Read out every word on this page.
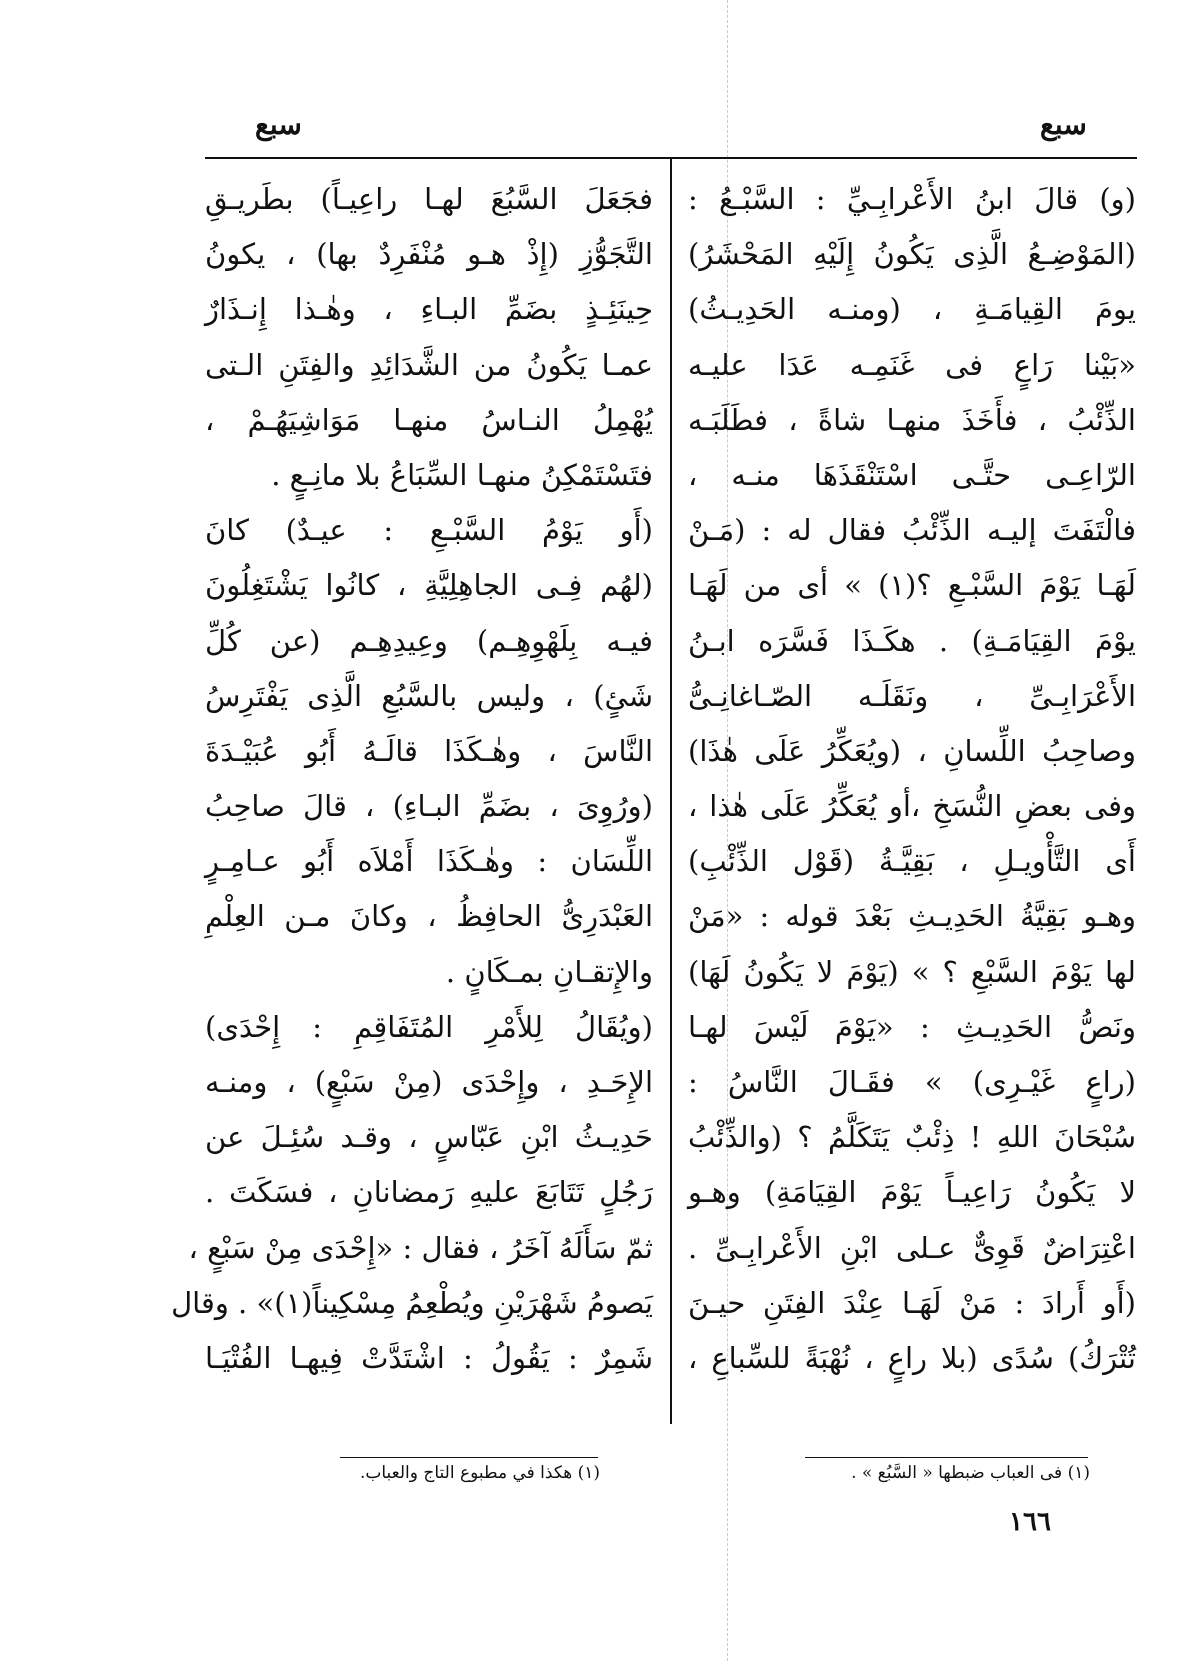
سبع
سبع
(و) قالَ ابنُ الأَعْرابِـيِّ : السَّبْـعُ :
(المَوْضِـعُ الَّذِى يَكُونُ إِلَيْهِ المَحْشَرُ)
يومَ القِيامَـةِ ، (ومنـه الحَدِيـثُ)
«بَيْنا رَاعٍ فى غَنَمِـه عَدَا عليـه
الذِّئْبُ ، فأَخَذَ منهـا شاةً ، فطَلَبَـه
الرّاعِـى حتَّـى اسْتَنْقَذَهَا منـه ،
فالْتَفَتَ إليـه الذِّئْبُ فقال له : (مَـنْ
لَهَـا يَوْمَ السَّبْـعِ ؟(١) » أى من لَهَـا
يوْمَ القِيَامَـةِ) . هكَـذَا فَسَّرَه ابـنُ
الأَعْرَابِـىِّ ، ونَقَلَـه الصّـاغانِـىُّ
وصاحِبُ اللِّسانِ ، (ويُعَكِّرُ عَلَى هٰذَا)
وفى بعضِ النُّسَخِ ،أو يُعَكِّرُ عَلَى هٰذا ،
أَى التَّأْويـلِ ، بَقِيَّـةُ (قَوْل الذِّئْبِ)
وهـو بَقِيَّةُ الحَدِيـثِ بَعْدَ قوله : «مَنْ
لها يَوْمَ السَّبْعِ ؟ » (يَوْمَ لا يَكُونُ لَهَا)
ونَصُّ الحَدِيـثِ : «يَوْمَ لَيْسَ لهـا
(راعٍ غَيْـرِى) » فقَـالَ النَّاسُ :
سُبْحَانَ اللهِ ! ذِئْبٌ يَتَكَلَّمُ ؟ (والذِّئْبُ
لا يَكُونُ رَاعِيـاً يَوْمَ القِيَامَةِ) وهـو
اعْتِرَاضٌ قَوِىٌّ عـلى ابْنِ الأَعْرابِـىِّ .
(أَو أَرادَ : مَنْ لَهَـا عِنْدَ الفِتَنِ حيـنَ
تُتْرَكُ) سُدًى (بلا راعٍ ، نُهْبَةً للسِّباعِ ،
فجَعَلَ السَّبُعَ لهـا راعِيـاً) بطَريـقِ
التَّجَوُّزِ (إِذْ هـو مُنْفَرِدٌ بها) ، يكونُ
حِينَئِـذٍ بضَمِّ البـاءِ ، وهٰـذا إِنـذَارٌ
عمـا يَكُونُ من الشَّدَائِدِ والفِتَنِ الـتى
يُهْمِلُ النـاسُ منهـا مَوَاشِيَهُـمْ ،
فتَسْتَمْكِنُ منهـا السِّبَاعُ بلا مانِـعٍ .
(أَو يَوْمُ السَّبْـعِ : عيـدٌ) كانَ
(لهُم فِـى الجاهِلِيَّةِ ، كانُوا يَشْتَغِلُونَ
فيـه بِلَهْوِهِـم) وعِيدِهِـم (عن كُلِّ
شَئٍ) ، وليس بالسَّبُعِ الَّذِى يَفْتَرِسُ
النَّاسَ ، وهٰـكَذَا قالَـهُ أَبُو عُبَيْـدَةَ
(ورُوِىَ ، بضَمِّ البـاءِ) ، قالَ صاحِبُ
اللِّسَان : وهٰـكَذَا أَمْلاَه أَبُو عـامِـرٍ
العَبْدَرِىُّ الحافِظُ ، وكانَ مـن العِلْمِ
والإِتقـانِ بمـكَانٍ .
(ويُقَالُ لِلأَمْرِ المُتَفَاقِمِ : إِحْدَى)
الإِحَـدِ ، وإِحْدَى (مِنْ سَبْعٍ) ، ومنـه
حَدِيـثُ ابْنِ عَبّاسٍ ، وقـد سُئِـلَ عن
رَجُلٍ تَتَابَعَ عليهِ رَمضانانِ ، فسَكَتَ .
ثمّ سَأَلَهُ آخَرُ ، فقال : «إِحْدَى مِنْ سَبْعٍ ،
يَصومُ شَهْرَيْنِ ويُطْعِمُ مِسْكِيناً(١)» . وقال
شَمِرٌ : يَقُولُ : اشْتَدَّتْ فِيهـا الفُتْيَـا
(١) فى العباب ضبطها « السَّبُع » .
(١) هكذا في مطبوع التاج والعباب.
١٦٦
